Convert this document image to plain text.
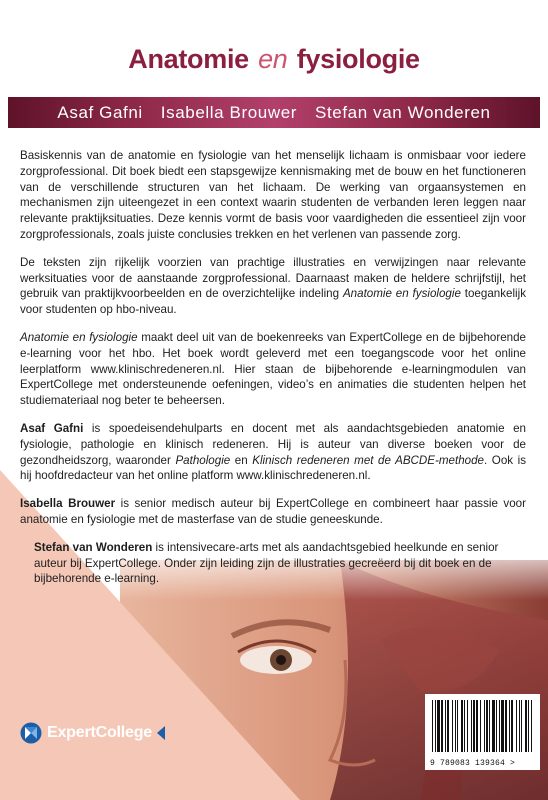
Anatomie en fysiologie
Asaf Gafni Isabella Brouwer Stefan van Wonderen

Basiskennis van de anatomie en fysiologie van het menselijk lichaam is onmisbaar voor iedere zorgprofessional. Dit boek biedt een stapsgewijze kennismaking met de bouw en het functioneren van de verschillende structuren van het lichaam. De werking van orgaansystemen en mechanismen zijn uiteengezet in een context waarin studenten de verbanden leren leggen naar relevante praktijksituaties. Deze kennis vormt de basis voor vaardigheden die essentieel zijn voor zorgprofessionals, zoals juiste conclusies trekken en het verlenen van passende zorg.

De teksten zijn rijkelijk voorzien van prachtige illustraties en verwijzingen naar relevante werksituaties voor de aanstaande zorgprofessional. Daarnaast maken de heldere schrijfstijl, het gebruik van praktijkvoorbeelden en de overzichtelijke indeling Anatomie en fysiologie toegankelijk voor studenten op hbo-niveau.

Anatomie en fysiologie maakt deel uit van de boekenreeks van ExpertCollege en de bijbehorende e-learning voor het hbo. Het boek wordt geleverd met een toegangscode voor het online leerplatform www.klinischredeneren.nl. Hier staan de bijbehorende e-learningmodulen van ExpertCollege met ondersteunende oefeningen, video’s en animaties die studenten helpen het studiemateriaal nog beter te beheersen.

Asaf Gafni is spoedeisendehulparts en docent met als aandachtsgebieden anatomie en fysiologie, pathologie en klinisch redeneren. Hij is auteur van diverse boeken voor de gezondheidszorg, waaronder Pathologie en Klinisch redeneren met de ABCDE-methode. Ook is hij hoofdredacteur van het online platform www.klinischredeneren.nl.

Isabella Brouwer is senior medisch auteur bij ExpertCollege en combineert haar passie voor anatomie en fysiologie met de masterfase van de studie geneeskunde.

Stefan van Wonderen is intensivecare-arts met als aandachtsgebied heelkunde en senior auteur bij ExpertCollege. Onder zijn leiding zijn de illustraties gecreëerd bij dit boek en de bijbehorende e-learning.

ExpertCollege
9 789083 139364 >
